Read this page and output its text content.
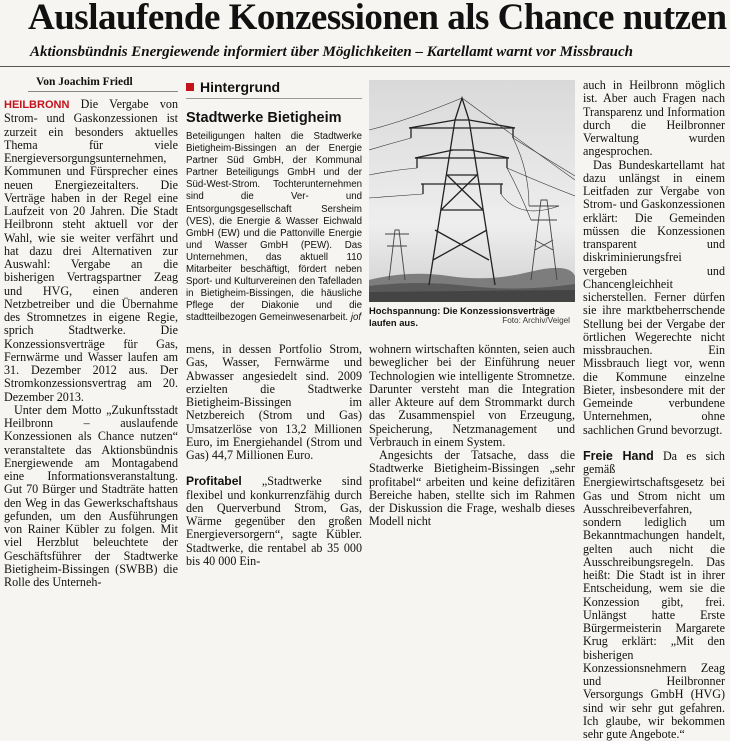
Auslaufende Konzessionen als Chance nutzen
Aktionsbündnis Energiewende informiert über Möglichkeiten – Kartellamt warnt vor Missbrauch
Von Joachim Friedl

HEILBRONN Die Vergabe von Strom- und Gaskonzessionen ist zurzeit ein besonders aktuelles Thema für viele Energieversorgungsunternehmen, Kommunen und Fürsprecher eines neuen Energiezeitalters. Die Verträge haben in der Regel eine Laufzeit von 20 Jahren. Die Stadt Heilbronn steht aktuell vor der Wahl, wie sie weiter verfährt und hat dazu drei Alternativen zur Auswahl: Vergabe an die bisherigen Vertragspartner Zeag und HVG, einen anderen Netzbetreiber und die Übernahme des Stromnetzes in eigene Regie, sprich Stadtwerke. Die Konzessionsverträge für Gas, Fernwärme und Wasser laufen am 31. Dezember 2012 aus. Der Stromkonzessionsvertrag am 20. Dezember 2013.

Unter dem Motto „Zukunftsstadt Heilbronn – auslaufende Konzessionen als Chance nutzen“ veranstaltete das Aktionsbündnis Energiewende am Montagabend eine Informationsveranstaltung. Gut 70 Bürger und Stadträte hatten den Weg in das Gewerkschaftshaus gefunden, um den Ausführungen von Rainer Kübler zu folgen. Mit viel Herzblut beleuchtete der Geschäftsführer der Stadtwerke Bietigheim-Bissingen (SWBB) die Rolle des Unterneh-

Hintergrund
Stadtwerke Bietigheim
Beteiligungen halten die Stadtwerke Bietigheim-Bissingen an der Energie Partner Süd GmbH, der Kommunal Partner Beteiligungs GmbH und der Süd-West-Strom. Tochterunternehmen sind die Ver- und Entsorgungsgesellschaft Sersheim (VES), die Energie & Wasser Eichwald GmbH (EW) und die Pattonville Energie und Wasser GmbH (PEW). Das Unternehmen, das aktuell 110 Mitarbeiter beschäftigt, fördert neben Sport- und Kulturvereinen den Tafelladen in Bietigheim-Bissingen, die häusliche Pflege der Diakonie und die stadtteilbezogen Gemeinwesenarbeit. jof
Hochspannung: Die Konzessionsverträge laufen aus.	Foto: Archiv/Veigel

mens, in dessen Portfolio Strom, Gas, Wasser, Fernwärme und Abwasser angesiedelt sind. 2009 erzielten die Stadtwerke Bietigheim-Bissingen im Netzbereich (Strom und Gas) Umsatzerlöse von 13,2 Millionen Euro, im Energiehandel (Strom und Gas) 44,7 Millionen Euro.

Profitabel „Stadtwerke sind flexibel und konkurrenzfähig durch den Querverbund Strom, Gas, Wärme gegenüber den großen Energieversorgern“, sagte Kübler. Stadtwerke, die rentabel ab 35 000 bis 40 000 Ein-

wohnern wirtschaften könnten, seien auch beweglicher bei der Einführung neuer Technologien wie intelligente Stromnetze. Darunter versteht man die Integration aller Akteure auf dem Strommarkt durch das Zusammenspiel von Erzeugung, Speicherung, Netzmanagement und Verbrauch in einem System.

Angesichts der Tatsache, dass die Stadtwerke Bietigheim-Bissingen „sehr profitabel“ arbeiten und keine defizitären Bereiche haben, stellte sich im Rahmen der Diskussion die Frage, weshalb dieses Modell nicht

auch in Heilbronn möglich ist. Aber auch Fragen nach Transparenz und Information durch die Heilbronner Verwaltung wurden angesprochen.

Das Bundeskartellamt hat dazu unlängst in einem Leitfaden zur Vergabe von Strom- und Gaskonzessionen erklärt: Die Gemeinden müssen die Konzessionen transparent und diskriminierungsfrei vergeben und Chancengleichheit sicherstellen. Ferner dürfen sie ihre marktbeherrschende Stellung bei der Vergabe der örtlichen Wegerechte nicht missbrauchen. Ein Missbrauch liegt vor, wenn die Kommune einzelne Bieter, insbesondere mit der Gemeinde verbundene Unternehmen, ohne sachlichen Grund bevorzugt.

Freie Hand Da es sich gemäß Energiewirtschaftsgesetz bei Gas und Strom nicht um Ausschreibeverfahren, sondern lediglich um Bekanntmachungen handelt, gelten auch nicht die Ausschreibungsregeln. Das heißt: Die Stadt ist in ihrer Entscheidung, wem sie die Konzession gibt, frei. Unlängst hatte Erste Bürgermeisterin Margarete Krug erklärt: „Mit den bisherigen Konzessionsnehmern Zeag und Heilbronner Versorgungs GmbH (HVG) sind wir sehr gut gefahren. Ich glaube, wir bekommen sehr gute Angebote.“
